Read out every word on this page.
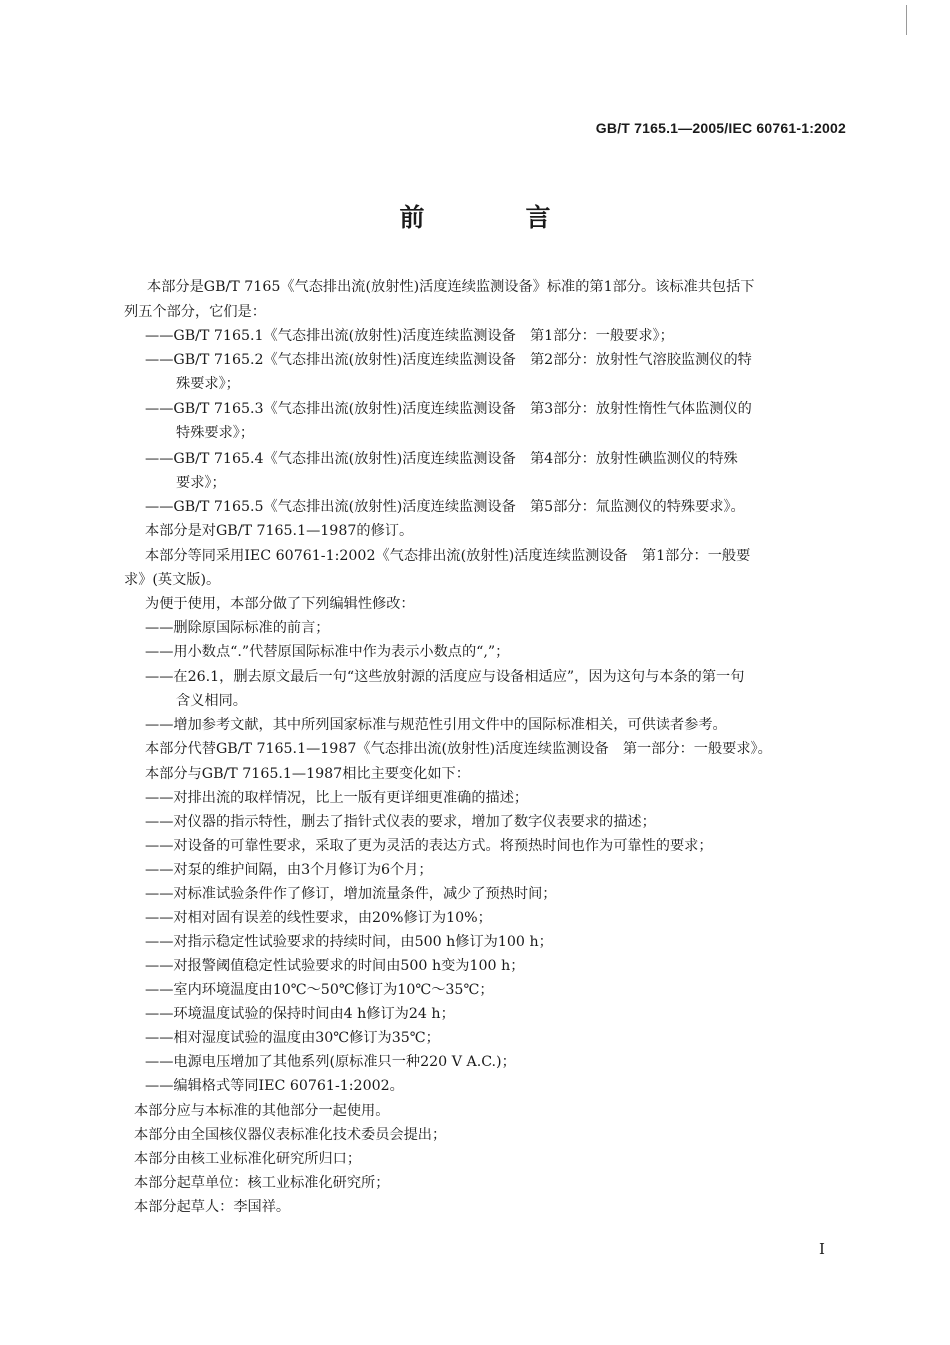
GB/T 7165.1—2005/IEC 60761-1:2002
前　言
本部分是GB/T 7165《气态排出流(放射性)活度连续监测设备》标准的第1部分。该标准共包括下
列五个部分，它们是：
——GB/T 7165.1《气态排出流(放射性)活度连续监测设备　第1部分：一般要求》；
——GB/T 7165.2《气态排出流(放射性)活度连续监测设备　第2部分：放射性气溶胶监测仪的特
殊要求》；
——GB/T 7165.3《气态排出流(放射性)活度连续监测设备　第3部分：放射性惰性气体监测仪的
特殊要求》；
——GB/T 7165.4《气态排出流(放射性)活度连续监测设备　第4部分：放射性碘监测仪的特殊
要求》；
——GB/T 7165.5《气态排出流(放射性)活度连续监测设备　第5部分：氚监测仪的特殊要求》。
本部分是对GB/T 7165.1—1987的修订。
本部分等同采用IEC 60761-1:2002《气态排出流(放射性)活度连续监测设备　第1部分：一般要
求》(英文版)。
为便于使用，本部分做了下列编辑性修改：
——删除原国际标准的前言；
——用小数点“.”代替原国际标准中作为表示小数点的“,”；
——在26.1，删去原文最后一句“这些放射源的活度应与设备相适应”，因为这句与本条的第一句
含义相同。
——增加参考文献，其中所列国家标准与规范性引用文件中的国际标准相关，可供读者参考。
本部分代替GB/T 7165.1—1987《气态排出流(放射性)活度连续监测设备　第一部分：一般要求》。
本部分与GB/T 7165.1—1987相比主要变化如下：
——对排出流的取样情况，比上一版有更详细更准确的描述；
——对仪器的指示特性，删去了指针式仪表的要求，增加了数字仪表要求的描述；
——对设备的可靠性要求，采取了更为灵活的表达方式。将预热时间也作为可靠性的要求；
——对泵的维护间隔，由3个月修订为6个月；
——对标准试验条件作了修订，增加流量条件，减少了预热时间；
——对相对固有误差的线性要求，由20%修订为10%；
——对指示稳定性试验要求的持续时间，由500 h修订为100 h；
——对报警阈值稳定性试验要求的时间由500 h变为100 h；
——室内环境温度由10℃～50℃修订为10℃～35℃；
——环境温度试验的保持时间由4 h修订为24 h；
——相对湿度试验的温度由30℃修订为35℃；
——电源电压增加了其他系列(原标准只一种220 V A.C.)；
——编辑格式等同IEC 60761-1:2002。
本部分应与本标准的其他部分一起使用。
本部分由全国核仪器仪表标准化技术委员会提出；
本部分由核工业标准化研究所归口；
本部分起草单位：核工业标准化研究所；
本部分起草人：李国祥。
I
